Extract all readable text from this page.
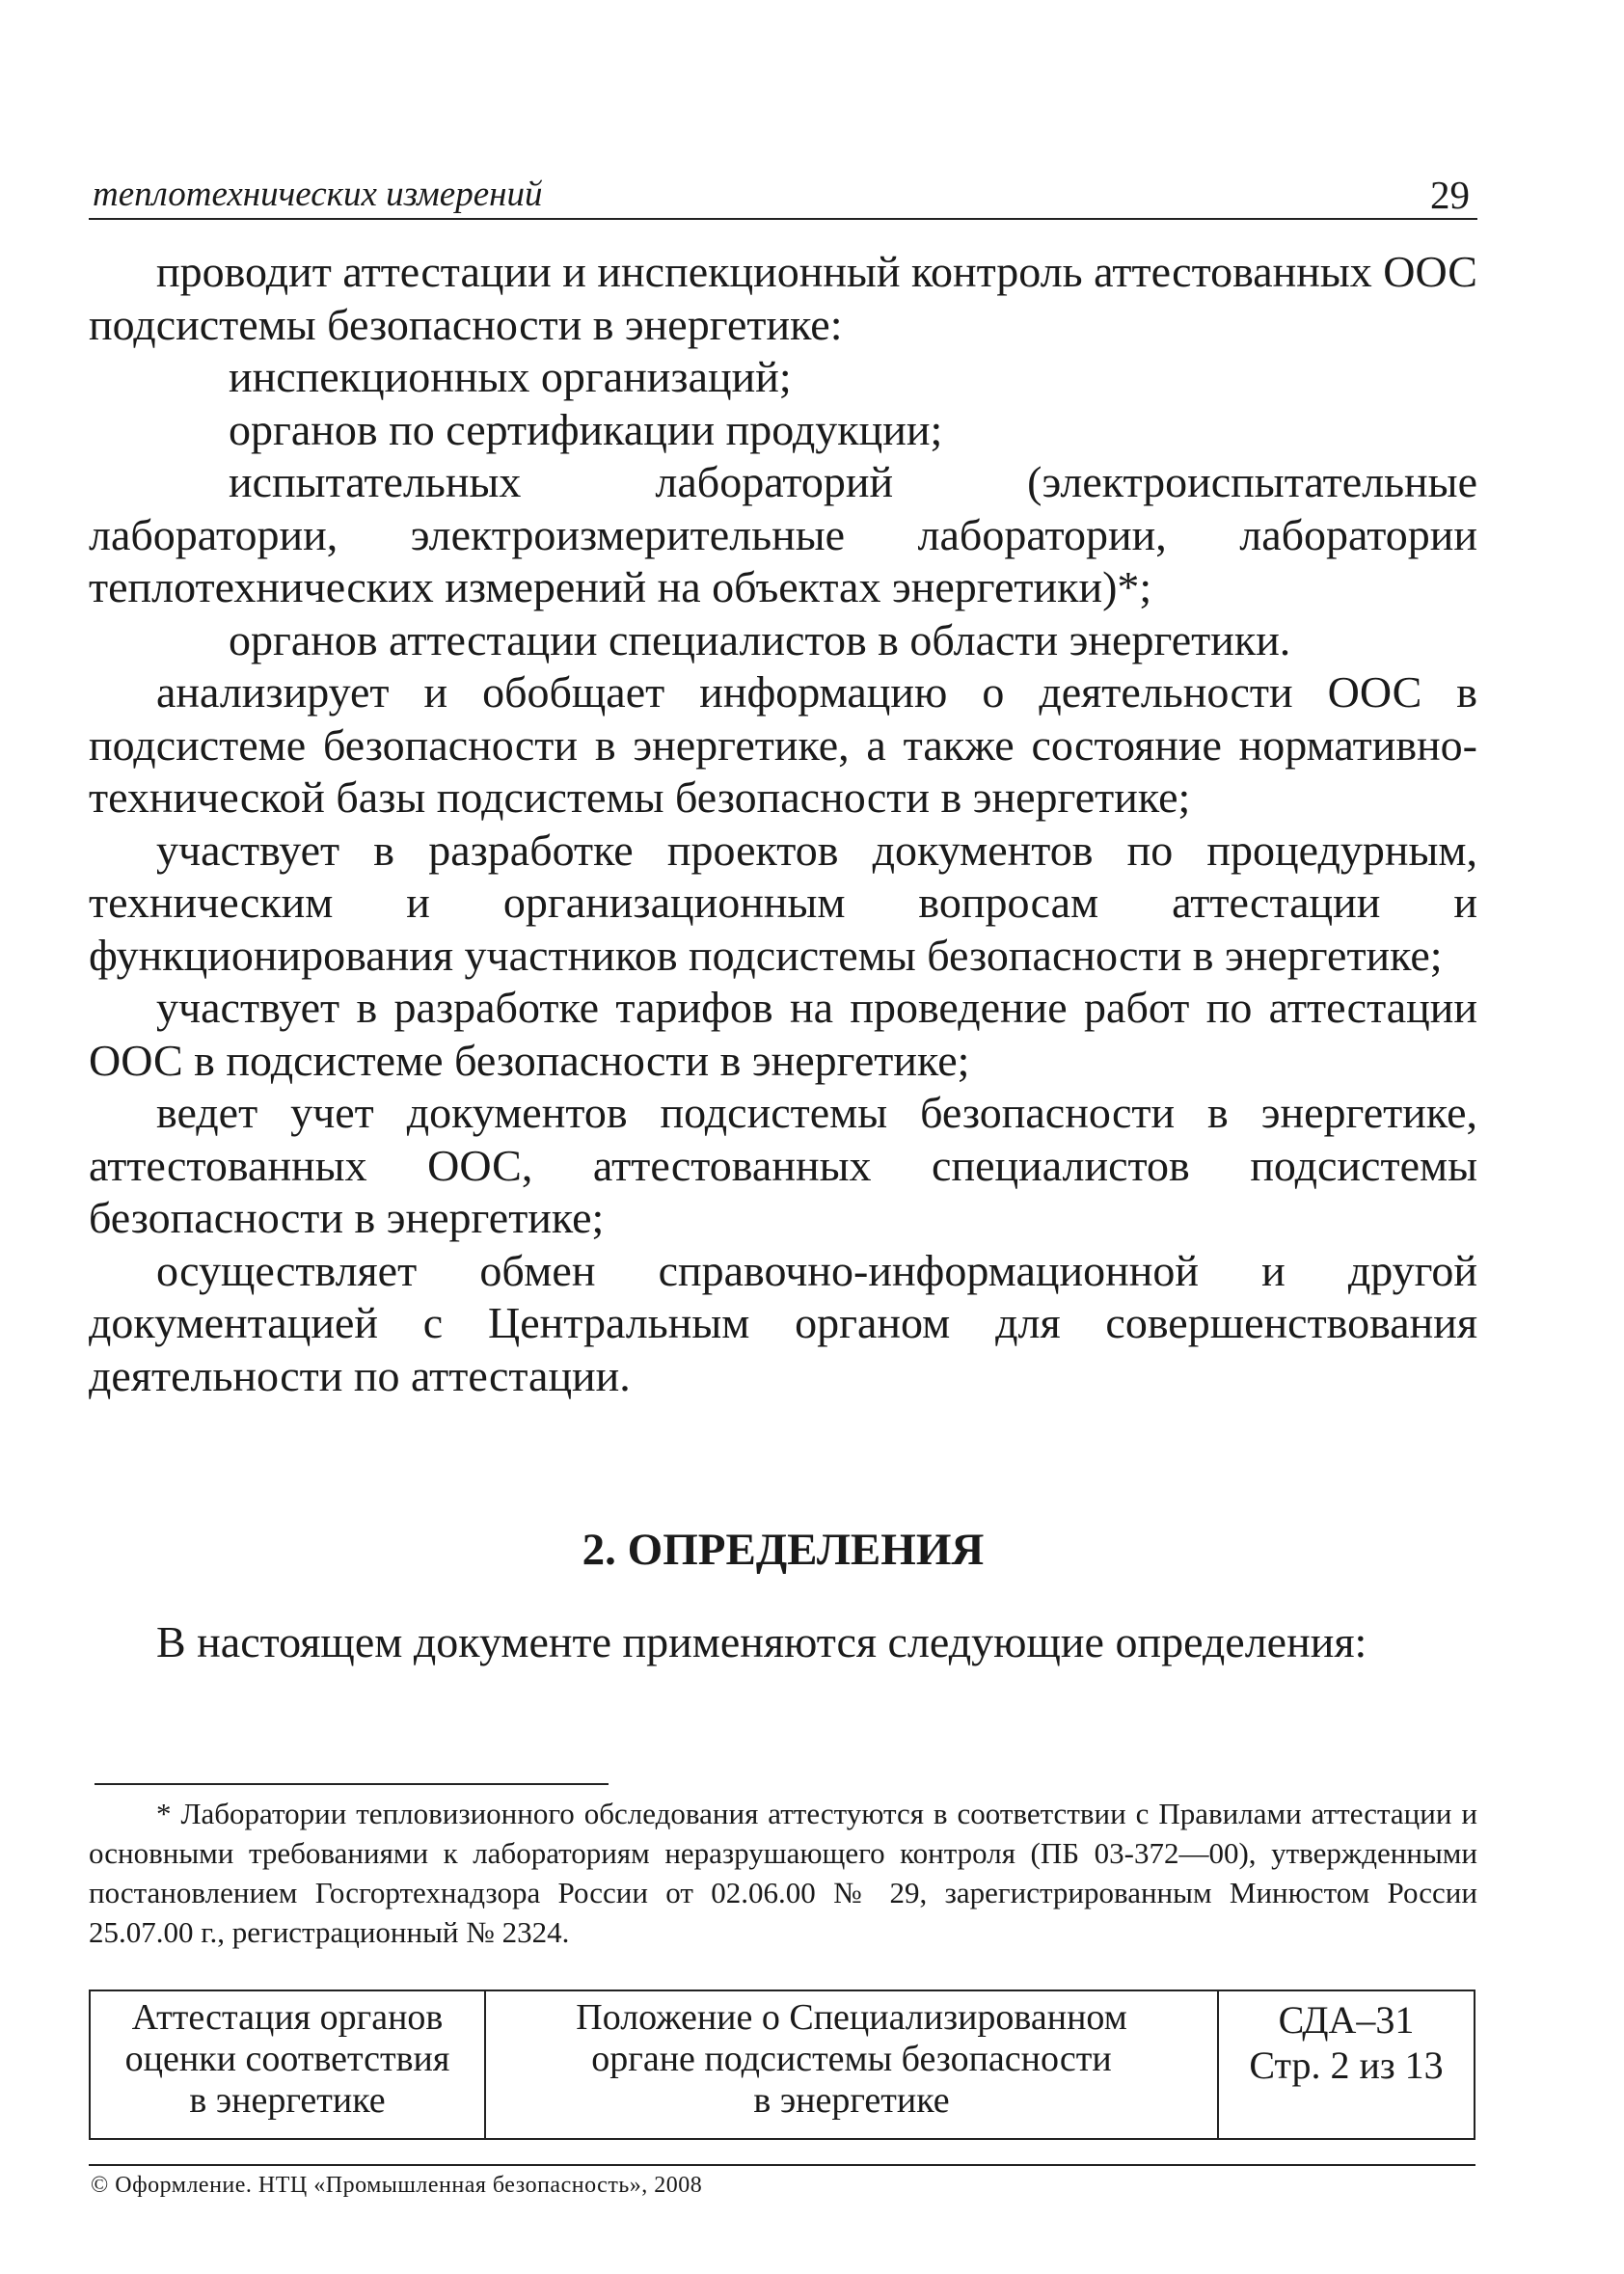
теплотехнических измерений	29

проводит аттестации и инспекционный контроль аттестованных ООС подсистемы безопасности в энергетике:

инспекционных организаций;

органов по сертификации продукции;

испытательных лабораторий (электроиспытательные лаборатории, электроизмерительные лаборатории, лаборатории теплотехнических измерений на объектах энергетики)*;

органов аттестации специалистов в области энергетики.

анализирует и обобщает информацию о деятельности ООС в подсистеме безопасности в энергетике, а также состояние нормативно-технической базы подсистемы безопасности в энергетике;

участвует в разработке проектов документов по процедурным, техническим и организационным вопросам аттестации и функционирования участников подсистемы безопасности в энергетике;

участвует в разработке тарифов на проведение работ по аттестации ООС в подсистеме безопасности в энергетике;

ведет учет документов подсистемы безопасности в энергетике, аттестованных ООС, аттестованных специалистов подсистемы безопасности в энергетике;

осуществляет обмен справочно-информационной и другой документацией с Центральным органом для совершенствования деятельности по аттестации.

2. ОПРЕДЕЛЕНИЯ

В настоящем документе применяются следующие определения:

* Лаборатории тепловизионного обследования аттестуются в соответствии с Правилами аттестации и основными требованиями к лабораториям неразрушающего контроля (ПБ 03-372—00), утвержденными постановлением Госгортехнадзора России от 02.06.00 № 29, зарегистрированным Минюстом России 25.07.00 г., регистрационный № 2324.

Аттестация органов
оценки соответствия
в энергетике
Положение о Специализированном
органе подсистемы безопасности
в энергетике
СДА–31
Стр. 2 из 13
© Оформление. НТЦ «Промышленная безопасность», 2008
